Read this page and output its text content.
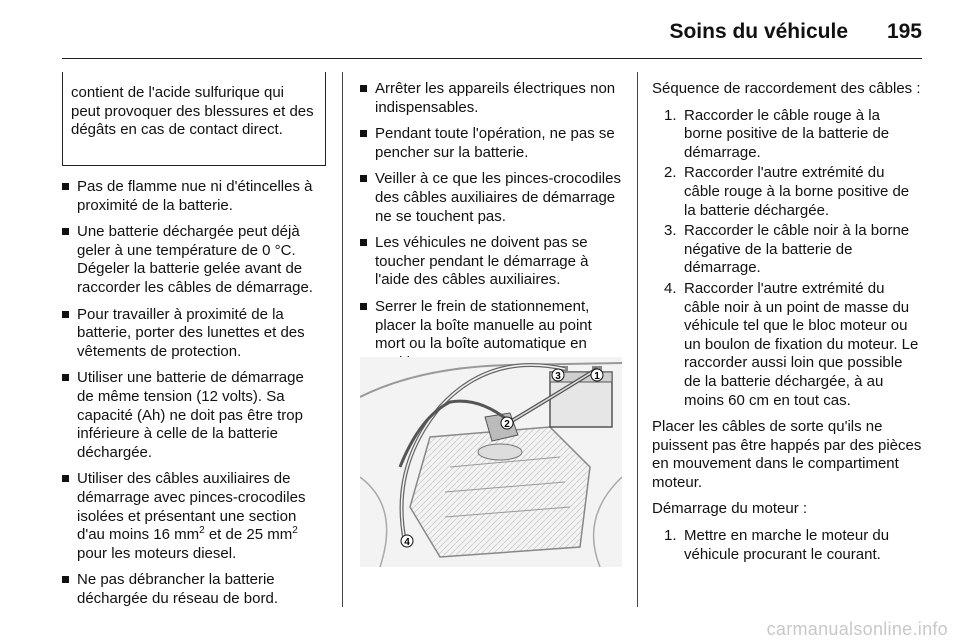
Soins du véhicule 195

contient de l'acide sulfurique qui peut provoquer des blessures et des dégâts en cas de contact direct.

Pas de flamme nue ni d'étincelles à proximité de la batterie.
Une batterie déchargée peut déjà geler à une température de 0 °C. Dégeler la batterie gelée avant de raccorder les câbles de démarrage.
Pour travailler à proximité de la batterie, porter des lunettes et des vêtements de protection.
Utiliser une batterie de démarrage de même tension (12 volts). Sa capacité (Ah) ne doit pas être trop inférieure à celle de la batterie déchargée.
Utiliser des câbles auxiliaires de démarrage avec pinces-crocodiles isolées et présentant une section d'au moins 16 $mm^2$ et de 25 $mm^2$ pour les moteurs diesel.
Ne pas débrancher la batterie déchargée du réseau de bord.
Arrêter les appareils électriques non indispensables.
Pendant toute l'opération, ne pas se pencher sur la batterie.
Veiller à ce que les pinces-crocodiles des câbles auxiliaires de démarrage ne se touchent pas.
Les véhicules ne doivent pas se toucher pendant le démarrage à l'aide des câbles auxiliaires.
Serrer le frein de stationnement, placer la boîte manuelle au point mort ou la boîte automatique en
1
2
3
4

Séquence de raccordement des câbles :

1. Raccorder le câble rouge à la borne positive de la batterie de démarrage.
2. Raccorder l'autre extrémité du câble rouge à la borne positive de la batterie déchargée.
3. Raccorder le câble noir à la borne négative de la batterie de démarrage.
4. Raccorder l'autre extrémité du câble noir à un point de masse du véhicule tel que le bloc moteur ou un boulon de fixation du moteur. Le raccorder aussi loin que possible de la batterie déchargée, à au moins 60 cm en tout cas.

Placer les câbles de sorte qu'ils ne puissent pas être happés par des pièces en mouvement dans le compartiment moteur.

Démarrage du moteur :

1. Mettre en marche le moteur du véhicule procurant le courant.
carmanualsonline.info
